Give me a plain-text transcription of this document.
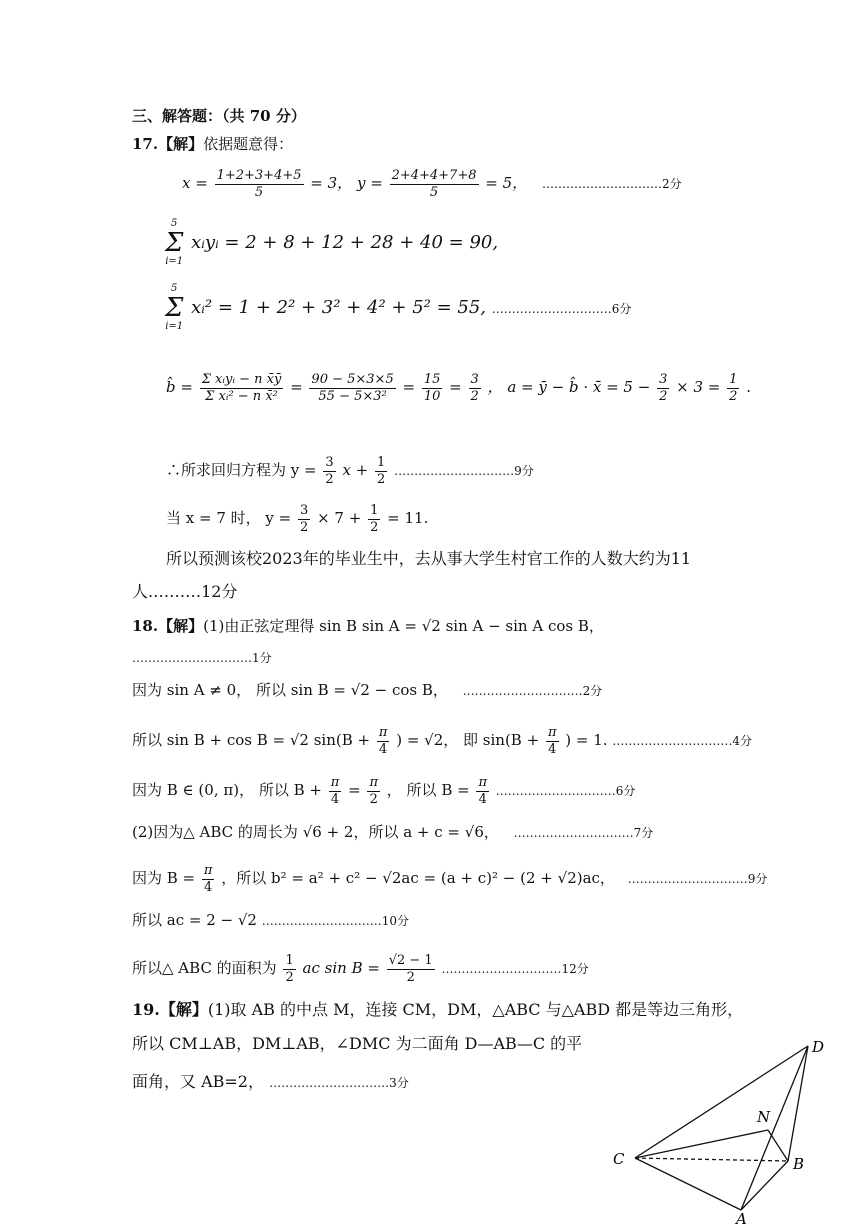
三、解答题：（共 70 分）
17.【解】依据题意得：
$x = \frac{1+2+3+4+5}{5} = 3$， $y = \frac{2+4+4+7+8}{5} = 5$， …………………………2分
5
Σ
i=1
xᵢyᵢ = 2 + 8 + 12 + 28 + 40 = 90,
5
Σ
i=1
xᵢ² = 1 + 2² + 3² + 4² + 5² = 55, …………………………6分
b̂ = $\frac{\text{Σ xᵢyᵢ − n x̄ȳ}}{\text{Σ xᵢ² − n x̄²}} = \frac{90 - 5\times 3\times 5}{\text{55 − 5×3²}} = \frac{15}{10} = \frac{3}{2}$ ， a = ȳ − b̂ · x̄ = $5 - \frac{3}{2} \times 3 = \frac{1}{2}$ .
∴所求回归方程为 $y = \frac{3}{2}$ $x + \frac{1}{2}$ …………………………9分
当 x = 7 时， $y = \frac{3}{2} \times 7 + \frac{1}{2} = 11$.
所以预测该校2023年的毕业生中，去从事大学生村官工作的人数大约为11
人.………12分
18.【解】(1)由正弦定理得 sin B sin A = √2 sin A − sin A cos B，
…………………………1分
因为 sin A ≠ 0， 所以 sin B = √2 − cos B， …………………………2分
所以 sin B + cos B = √2 $\sin(B + \frac{\pi}{4}$ ) = √2， 即 $\sin(B + \frac{\pi}{4}$ ) = 1. …………………………4分
因为 B ∈ (0, π)， 所以 $B + \frac{\pi}{4} = \frac{\pi}{2}$ ， 所以 $B = \frac{\pi}{4}$ …………………………6分
(2)因为△ ABC 的周长为 √6 + 2，所以 a + c = √6， …………………………7分
因为 $B = \frac{\pi}{4}$ ，所以 b² = a² + c² − √2ac = (a + c)² − (2 + √2)ac， …………………………9分
所以 ac = 2 − √2 …………………………10分
所以△ ABC 的面积为 $\frac{1}{2}$ ac $\sin B = \frac{√2 - 1}{2}$ …………………………12分
19.【解】(1)取 AB 的中点 M，连接 CM，DM，△ABC 与△ABD 都是等边三角形，
所以 CM⊥AB，DM⊥AB，∠DMC 为二面角 D—AB—C 的平
面角，又 AB=2， …………………………3分
C
D
N
B
A
